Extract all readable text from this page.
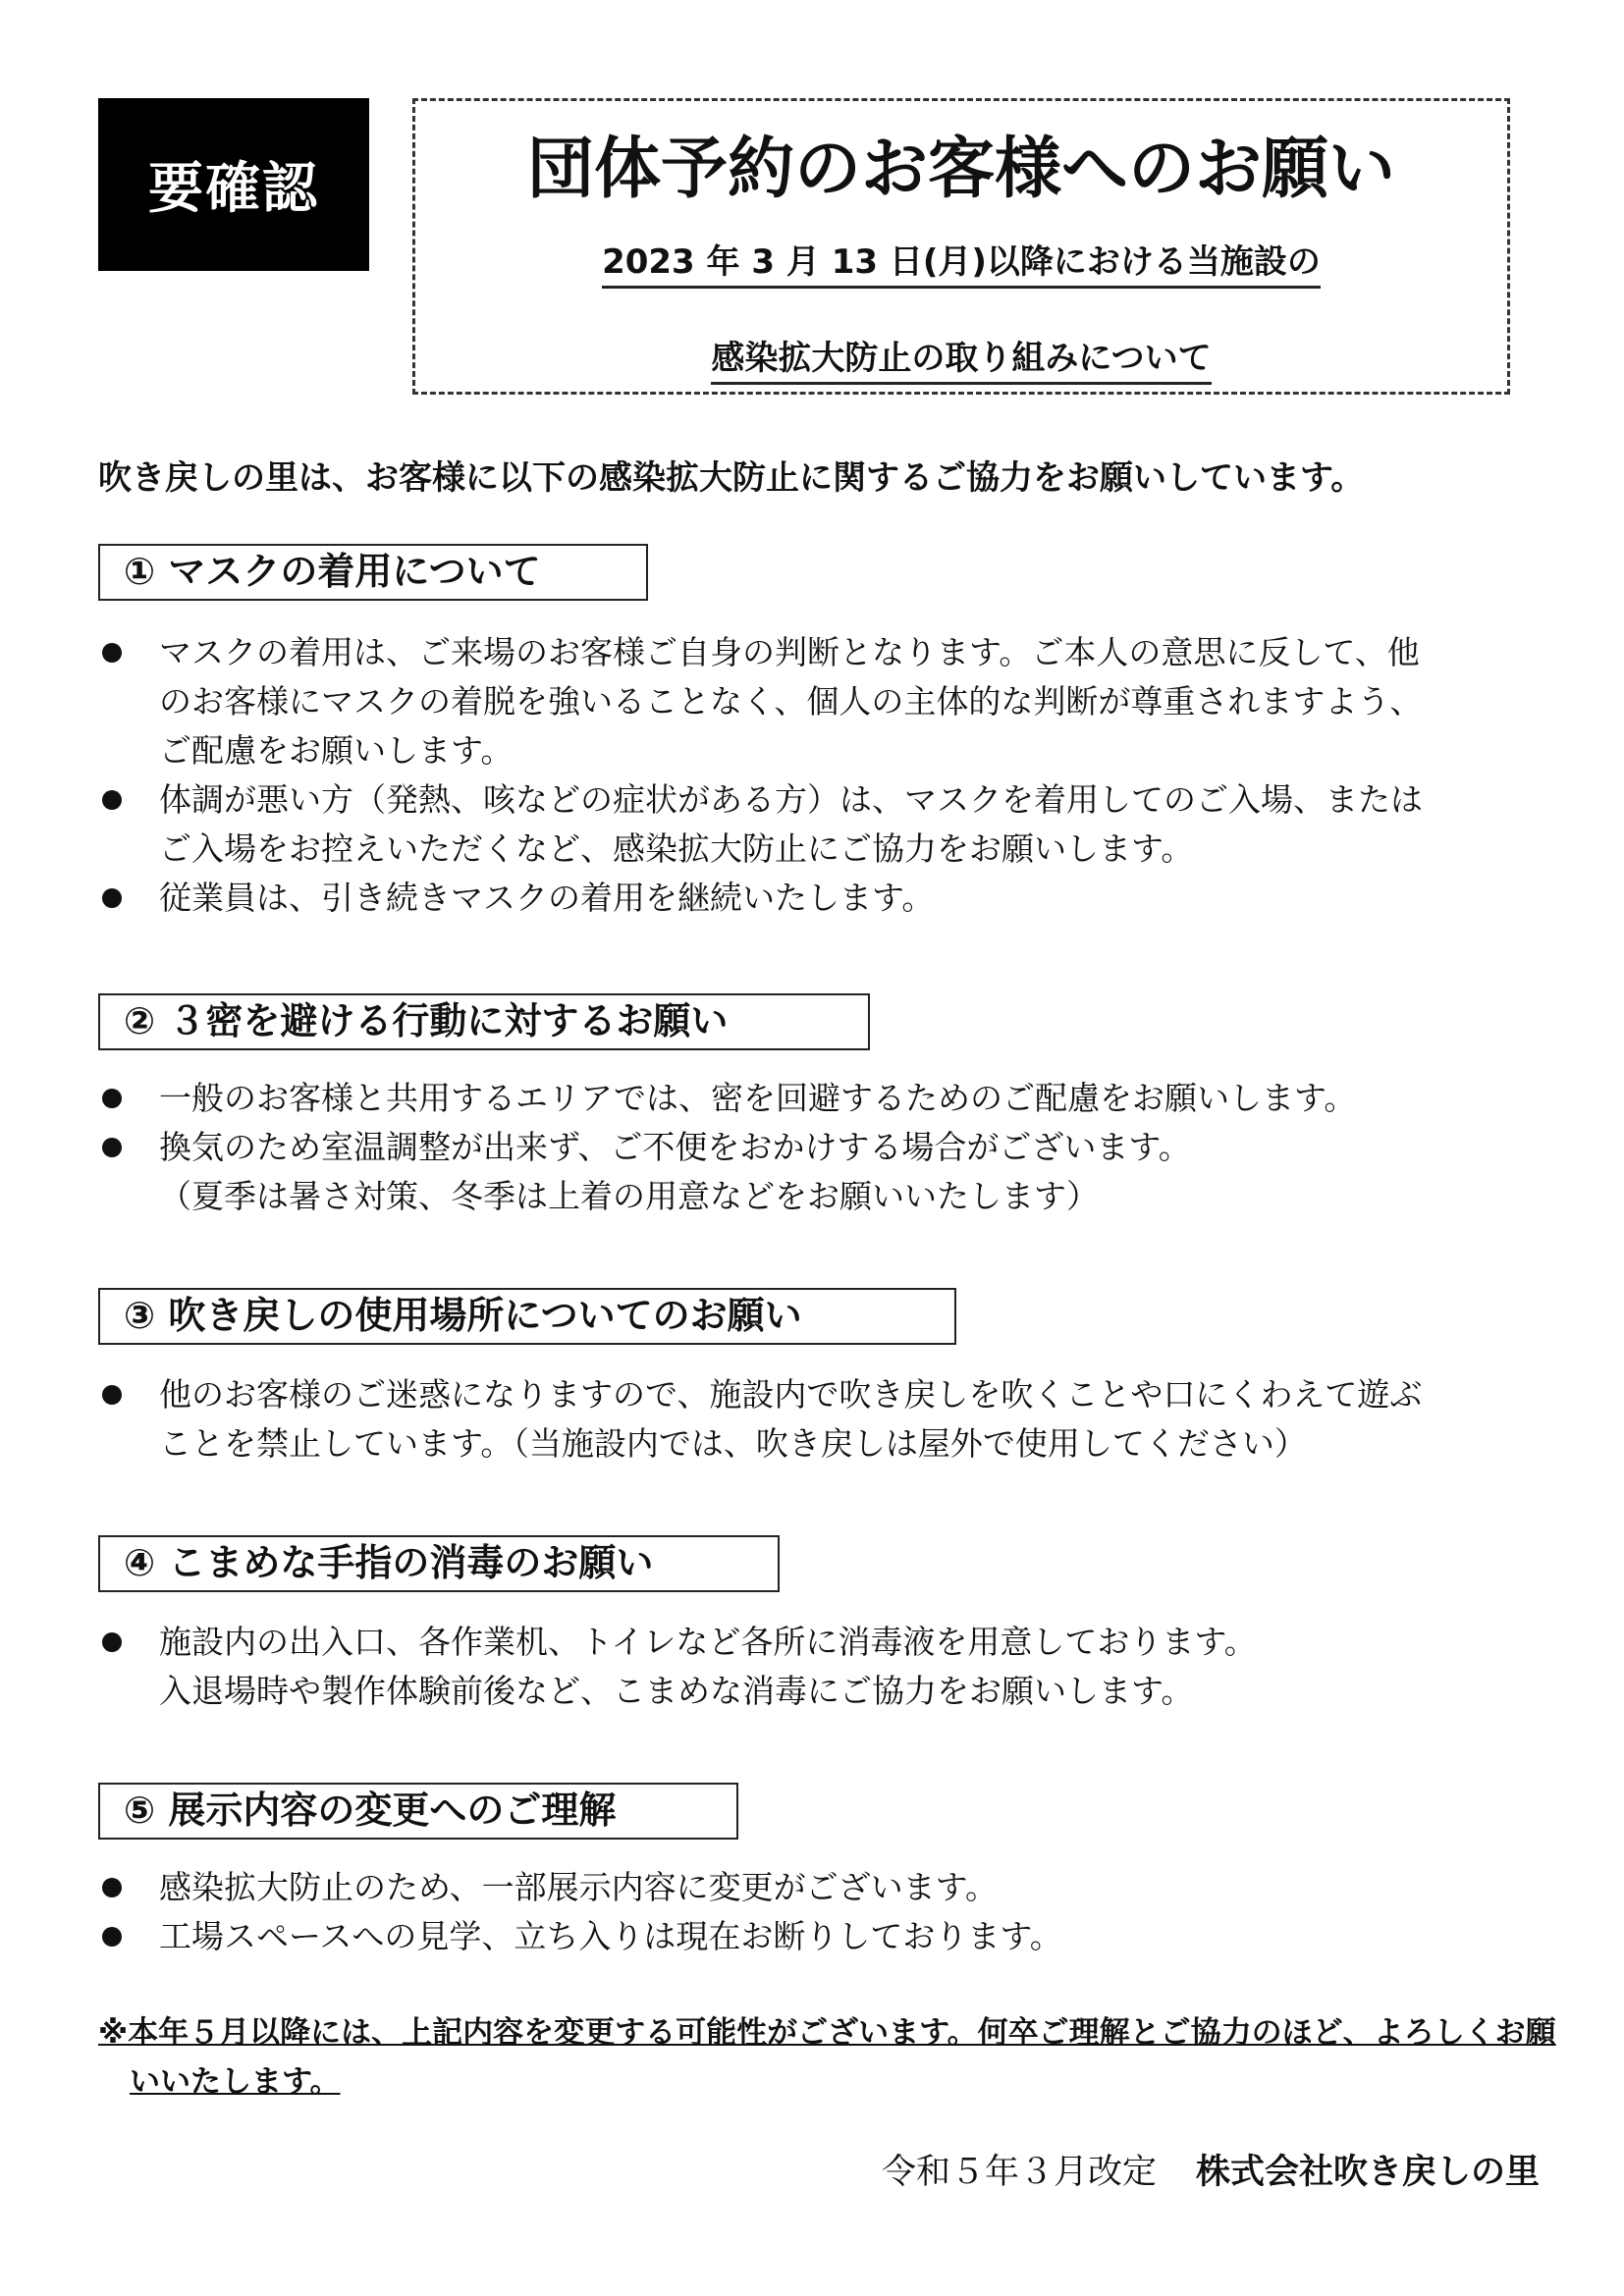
要確認	団体予約のお客様へのお願い
2023 年 3 月 13 日(月)以降における当施設の
感染拡大防止の取り組みについて
吹き戻しの里は、お客様に以下の感染拡大防止に関するご協力をお願いしています。
① マスクの着用について
マスクの着用は、ご来場のお客様ご自身の判断となります。ご本人の意思に反して、他
のお客様にマスクの着脱を強いることなく、個人の主体的な判断が尊重されますよう、
ご配慮をお願いします。
体調が悪い方（発熱、咳などの症状がある方）は、マスクを着用してのご入場、または
ご入場をお控えいただくなど、感染拡大防止にご協力をお願いします。
従業員は、引き続きマスクの着用を継続いたします。
② ３密を避ける行動に対するお願い
一般のお客様と共用するエリアでは、密を回避するためのご配慮をお願いします。
換気のため室温調整が出来ず、ご不便をおかけする場合がございます。
（夏季は暑さ対策、冬季は上着の用意などをお願いいたします）
③ 吹き戻しの使用場所についてのお願い
他のお客様のご迷惑になりますので、施設内で吹き戻しを吹くことや口にくわえて遊ぶ
ことを禁止しています。（当施設内では、吹き戻しは屋外で使用してください）
④ こまめな手指の消毒のお願い
施設内の出入口、各作業机、トイレなど各所に消毒液を用意しております。
入退場時や製作体験前後など、こまめな消毒にご協力をお願いします。
⑤ 展示内容の変更へのご理解
感染拡大防止のため、一部展示内容に変更がございます。
工場スペースへの見学、立ち入りは現在お断りしております。
※本年５月以降には、上記内容を変更する可能性がございます。何卒ご理解とご協力のほど、よろしくお願
いいたします。
令和５年３月改定 株式会社吹き戻しの里
